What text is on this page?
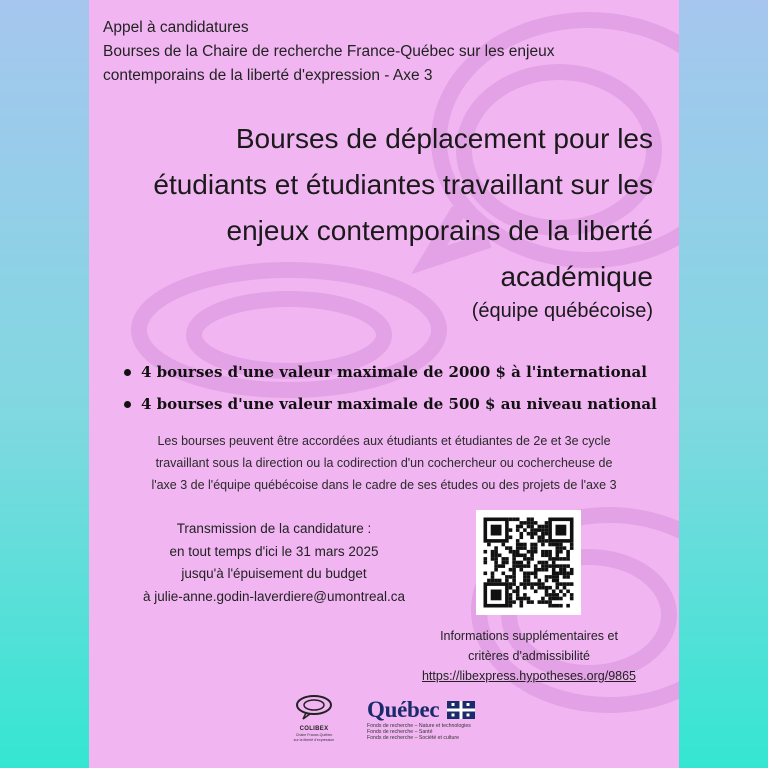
Appel à candidatures
Bourses de la Chaire de recherche France-Québec sur les enjeux
contemporains de la liberté d'expression - Axe 3
Bourses de déplacement pour les
étudiants et étudiantes travaillant sur les
enjeux contemporains de la liberté
académique
(équipe québécoise)
4 bourses d'une valeur maximale de 2000 $ à l'international
4 bourses d'une valeur maximale de 500 $ au niveau national
Les bourses peuvent être accordées aux étudiants et étudiantes de 2e et 3e cycle
travaillant sous la direction ou la codirection d'un cochercheur ou cochercheuse de
l'axe 3 de l'équipe québécoise dans le cadre de ses études ou des projets de l'axe 3
Transmission de la candidature :
en tout temps d'ici le 31 mars 2025
jusqu'à l'épuisement du budget
à julie-anne.godin-laverdiere@umontreal.ca
Informations supplémentaires et
critères d'admissibilité
https://libexpress.hypotheses.org/9865
COLIBEX
Chaire France-Québec
sur la liberté d'expression
Québec
Fonds de recherche – Nature et technologies
Fonds de recherche – Santé
Fonds de recherche – Société et culture
